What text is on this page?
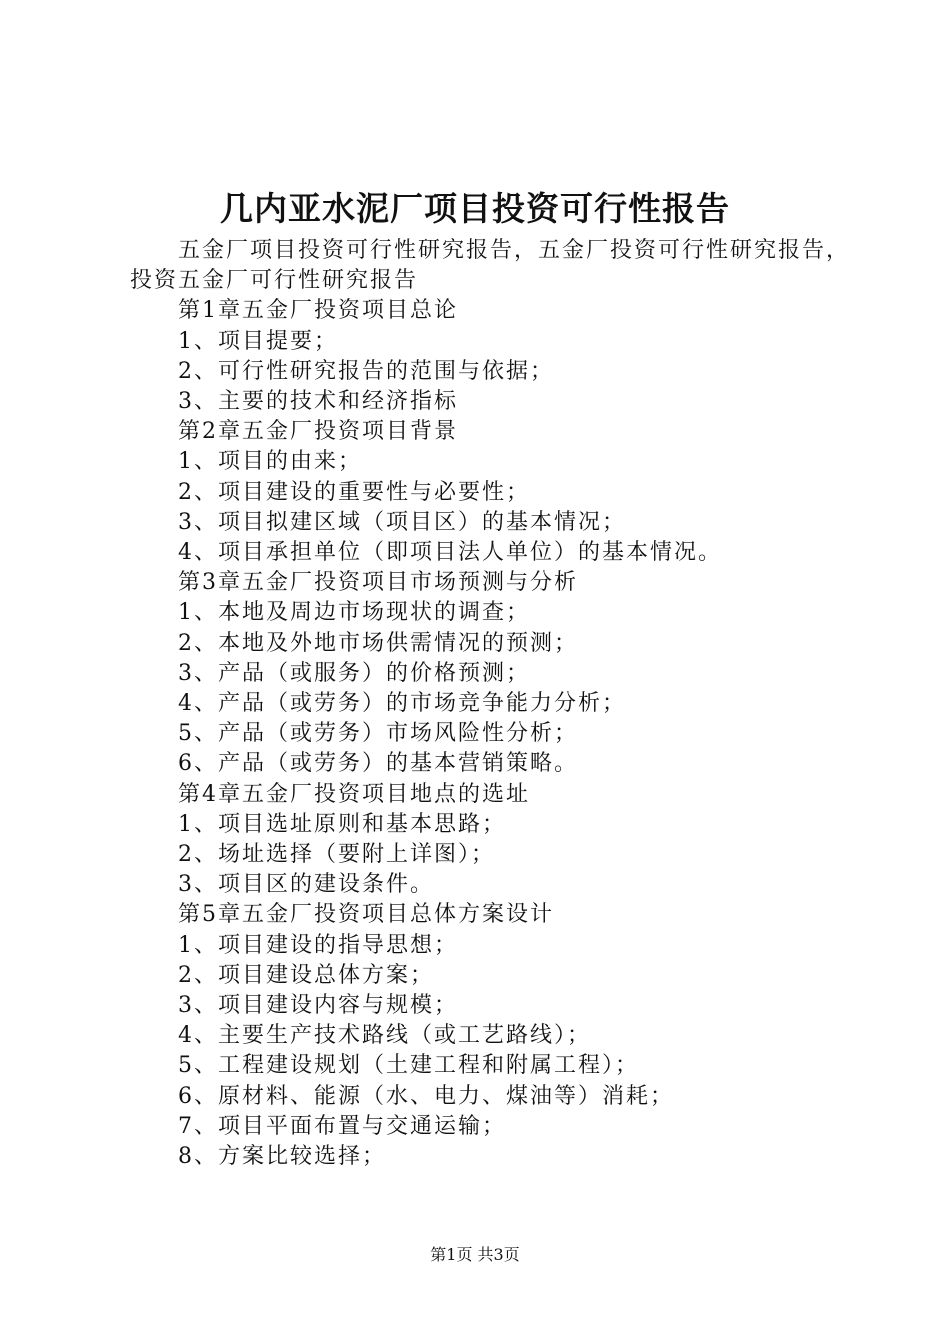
几内亚水泥厂项目投资可行性报告

五金厂项目投资可行性研究报告，五金厂投资可行性研究报告，投资五金厂可行性研究报告

第1章五金厂投资项目总论

1、项目提要；

2、可行性研究报告的范围与依据；

3、主要的技术和经济指标

第2章五金厂投资项目背景

1、项目的由来；

2、项目建设的重要性与必要性；

3、项目拟建区域（项目区）的基本情况；

4、项目承担单位（即项目法人单位）的基本情况。

第3章五金厂投资项目市场预测与分析

1、本地及周边市场现状的调查；

2、本地及外地市场供需情况的预测；

3、产品（或服务）的价格预测；

4、产品（或劳务）的市场竞争能力分析；

5、产品（或劳务）市场风险性分析；

6、产品（或劳务）的基本营销策略。

第4章五金厂投资项目地点的选址

1、项目选址原则和基本思路；

2、场址选择（要附上详图）；

3、项目区的建设条件。

第5章五金厂投资项目总体方案设计

1、项目建设的指导思想；

2、项目建设总体方案；

3、项目建设内容与规模；

4、主要生产技术路线（或工艺路线）；

5、工程建设规划（土建工程和附属工程）；

6、原材料、能源（水、电力、煤油等）消耗；

7、项目平面布置与交通运输；

8、方案比较选择；

第1页 共3页
